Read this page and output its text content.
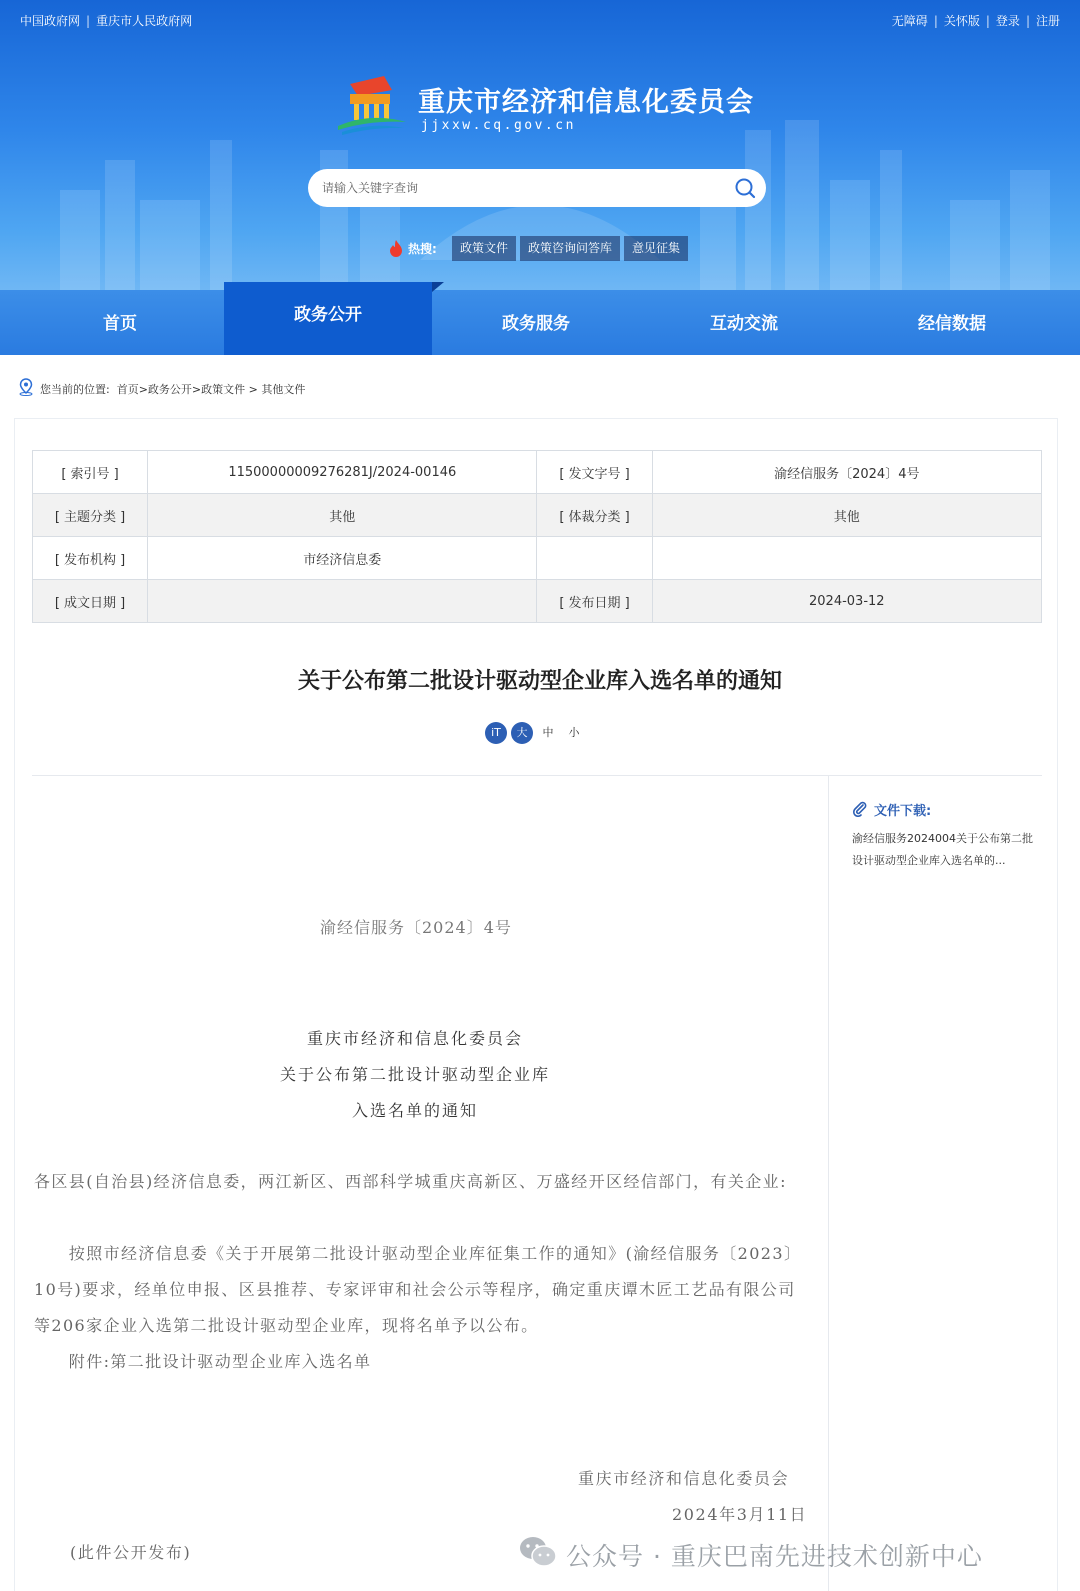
中国政府网 | 重庆市人民政府网	无障碍 | 关怀版 | 登录 | 注册
重庆市经济和信息化委员会
jjxxw.cq.gov.cn
请输入关键字查询
热搜:	政策文件 政策咨询问答库 意见征集
首页	政务公开	政务服务	互动交流	经信数据
您当前的位置: 首页>政务公开>政策文件 > 其他文件
[ 索引号 ]	11500000009276281J/2024-00146	[ 发文字号 ]	渝经信服务〔2024〕4号
[ 主题分类 ]	其他	[ 体裁分类 ]	其他
[ 发布机构 ]	市经济信息委		
[ 成文日期 ]		[ 发布日期 ]	2024-03-12
关于公布第二批设计驱动型企业库入选名单的通知
iT 大 中 小
渝经信服务〔2024〕4号
重庆市经济和信息化委员会
关于公布第二批设计驱动型企业库
入选名单的通知
各区县(自治县)经济信息委，两江新区、西部科学城重庆高新区、万盛经开区经信部门，有关企业:
　　按照市经济信息委《关于开展第二批设计驱动型企业库征集工作的通知》(渝经信服务〔2023〕10号)要求，经单位申报、区县推荐、专家评审和社会公示等程序，确定重庆谭木匠工艺品有限公司等206家企业入选第二批设计驱动型企业库，现将名单予以公布。
　　附件:第二批设计驱动型企业库入选名单
重庆市经济和信息化委员会
2024年3月11日
(此件公开发布)
文件下载:
渝经信服务2024004关于公布第二批设计驱动型企业库入选名单的...
公众号 · 重庆巴南先进技术创新中心
